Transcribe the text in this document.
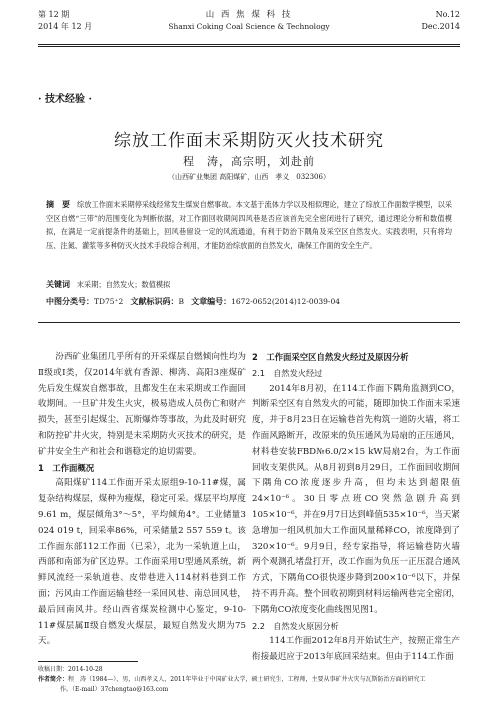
第 12 期
2014 年 12 月
山 西 焦 煤 科 技
Shanxi Coking Coal Science & Technology
No.12
Dec.2014
· 技术经验 ·
综放工作面末采期防灭火技术研究
程　涛，高宗明，刘赴前
（山西矿业集团 高阳煤矿，山西　孝义　032306）
摘　要 综放工作面末采期停采线经常发生煤炭自燃事故。本文基于流体力学以及相似理论，建立了综放工作面数学模型，以采空区自燃“三带”的范围变化为判断依据，对工作面回收期间四风巷是否应该首先完全密闭进行了研究，通过理论分析和数值模拟，在满足一定前提条件的基础上，回风巷留设一定的风流通道，有利于防治下隅角及采空区自然发火。实践表明，只有将均压、注氮、灌浆等多种防灭火技术手段综合利用，才能防治综放面的自然发火，确保工作面的安全生产。
关键词 末采期；自然发火；数值模拟
中图分类号：TD75⁺2 文献标识码：B 文章编号：1672-0652(2014)12-0039-04

汾西矿业集团几乎所有的开采煤层自燃倾向性均为Ⅱ级或Ⅰ类，仅2014年就有香源、柳湾、高阳3座煤矿先后发生煤炭自燃事故，且都发生在末采期或工作面回收期间。一旦矿井发生火灾，极易造成人员伤亡和财产损失，甚至引起煤尘、瓦斯爆炸等事故，为此及时研究和防控矿井火灾，特别是末采期防火灭技术的研究，是矿井安全生产和社会和谐稳定的迫切需要。

1　工作面概况

高阳煤矿114工作面开采太原组9-10-11#煤，属复杂结构煤层，煤种为瘦煤，稳定可采。煤层平均厚度9.61 m，煤层倾角3°～5°，平均倾角4°。工业储量3 024 019 t，回采率86%，可采储量2 557 559 t。该工作面东部112工作面（已采），北为一采轨道上山，西部和南部为矿区边界。工作面采用U型通风系统，新鲜风流经一采轨道巷、皮带巷进入114材料巷到工作面；污风由工作面运输巷经一采回风巷、南总回风巷，最后回南风井。经山西省煤炭检测中心鉴定，9-10-11#煤层属Ⅱ级自燃发火煤层，最短自然发火期为75天。

2　工作面采空区自然发火经过及原因分析

2.1　自然发火经过

2014年8月初，在114工作面下隅角监测到CO，判断采空区有自然发火的可能，随即加快工作面末采速度，并于8月23日在运输巷首先构筑一道防火墙，将工作面风路断开，改原来的负压通风为局扇的正压通风，材料巷安装FBD№6.0/2×15 kW局扇2台，为工作面回收支架供风。从8月初到8月29日，工作面回收期间下隅角CO浓度逐步升高，但均未达到超限值24×10⁻⁶。30日零点班CO突然急剧升高到105×10⁻⁶，并在9月7日达到峰值535×10⁻⁶，当天紧急增加一组风机加大工作面风量稀释CO，浓度降到了320×10⁻⁶。9月9日，经专家指导，将运输巷防火墙两个观测孔堵盘打开，改工作面为负压一正压混合通风方式，下隅角CO很快逐步降到200×10⁻⁶以下，并保持不再升高。整个回收初期到材料运输两巷完全密闭，下隅角CO浓度变化曲线图见图1。

2.2　自然发火原因分析

114工作面2012年8月开始试生产，按照正常生产衔接最迟应于2013年底回采结束。但由于114工作面

收稿日期：2014-10-28
作者简介：程　涛（1984—），男，山西孝义人，2011年毕业于中国矿业大学，硕士研究生，工程师，主要从事矿井火灾与瓦斯防治方面的研究工
作。（E-mail）37chengtao@163.com
